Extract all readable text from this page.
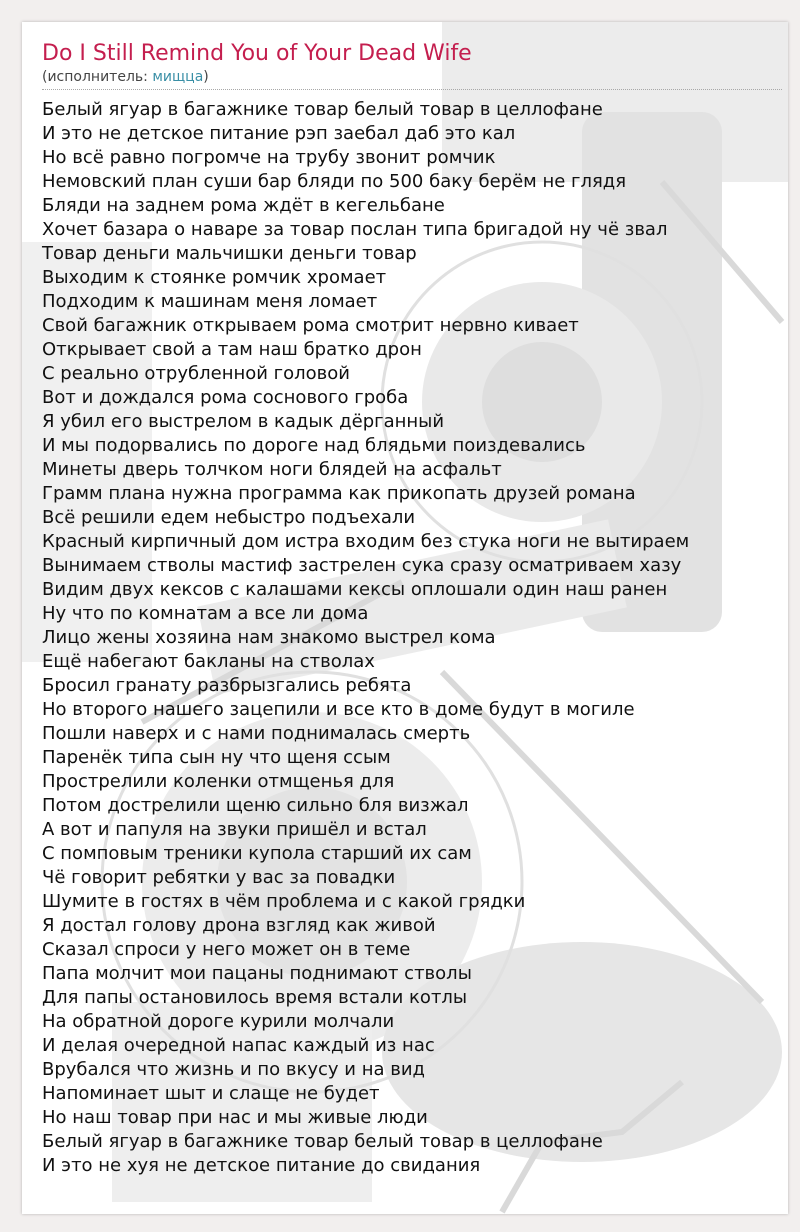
Do I Still Remind You of Your Dead Wife
(исполнитель: мищца)
Белый ягуар в багажнике товар белый товар в целлофане
И это не детское питание рэп заебал даб это кал
Но всё равно погромче на трубу звонит ромчик
Немовский план суши бар бляди по 500 баку берём не глядя
Бляди на заднем рома ждёт в кегельбане
Хочет базара о наваре за товар послан типа бригадой ну чё звал
Товар деньги мальчишки деньги товар
Выходим к стоянке ромчик хромает
Подходим к машинам меня ломает
Свой багажник открываем рома смотрит нервно кивает
Открывает свой а там наш братко дрон
С реально отрубленной головой
Вот и дождался рома соснового гроба
Я убил его выстрелом в кадык дёрганный
И мы подорвались по дороге над блядьми поиздевались
Минеты дверь толчком ноги блядей на асфальт
Грамм плана нужна программа как прикопать друзей романа
Всё решили едем небыстро подъехали
Красный кирпичный дом истра входим без стука ноги не вытираем
Вынимаем стволы мастиф застрелен сука сразу осматриваем хазу
Видим двух кексов с калашами кексы оплошали один наш ранен
Ну что по комнатам а все ли дома
Лицо жены хозяина нам знакомо выстрел кома
Ещё набегают бакланы на стволах
Бросил гранату разбрызгались ребята
Но второго нашего зацепили и все кто в доме будут в могиле
Пошли наверх и с нами поднималась смерть
Паренёк типа сын ну что щеня ссым
Прострелили коленки отмщенья для
Потом дострелили щеню сильно бля визжал
А вот и папуля на звуки пришёл и встал
С помповым треники купола старший их сам
Чё говорит ребятки у вас за повадки
Шумите в гостях в чём проблема и с какой грядки
Я достал голову дрона взгляд как живой
Сказал спроси у него может он в теме
Папа молчит мои пацаны поднимают стволы
Для папы остановилось время встали котлы
На обратной дороге курили молчали
И делая очередной напас каждый из нас
Врубался что жизнь и по вкусу и на вид
Напоминает шыт и слаще не будет
Но наш товар при нас и мы живые люди
Белый ягуар в багажнике товар белый товар в целлофане
И это не хуя не детское питание до свидания
